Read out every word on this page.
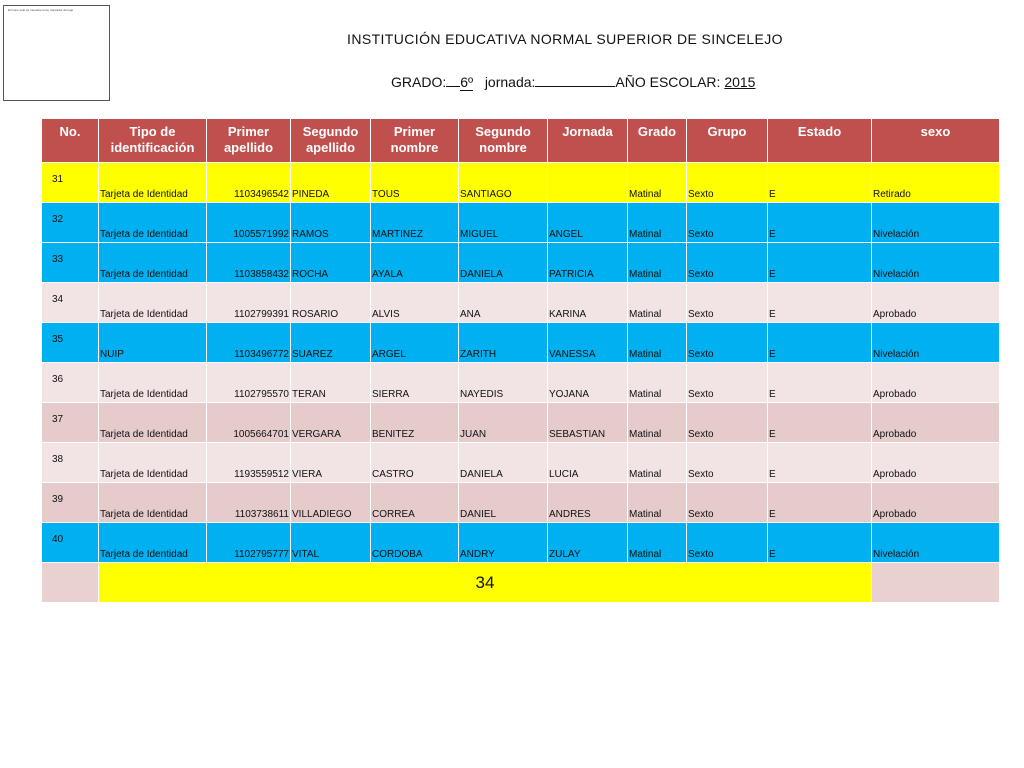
El ícono solo se muestra como marcador de logo
INSTITUCIÓN EDUCATIVA NORMAL SUPERIOR DE SINCELEJO
GRADO: 6º jornada:	AÑO ESCOLAR: 2015
No.	Tipo de identificación	Primer apellido	Segundo apellido	Primer nombre	Segundo nombre	Jornada	Grado	Grupo	Estado	sexo
31	Tarjeta de Identidad	1103496542	PINEDA	TOUS	SANTIAGO		Matinal	Sexto	E	Retirado
32	Tarjeta de Identidad	1005571992	RAMOS	MARTINEZ	MIGUEL	ANGEL	Matinal	Sexto	E	Nivelación
33	Tarjeta de Identidad	1103858432	ROCHA	AYALA	DANIELA	PATRICIA	Matinal	Sexto	E	Nivelación
34	Tarjeta de Identidad	1102799391	ROSARIO	ALVIS	ANA	KARINA	Matinal	Sexto	E	Aprobado
35	NUIP	1103496772	SUAREZ	ARGEL	ZARITH	VANESSA	Matinal	Sexto	E	Nivelación
36	Tarjeta de Identidad	1102795570	TERAN	SIERRA	NAYEDIS	YOJANA	Matinal	Sexto	E	Aprobado
37	Tarjeta de Identidad	1005664701	VERGARA	BENITEZ	JUAN	SEBASTIAN	Matinal	Sexto	E	Aprobado
38	Tarjeta de Identidad	1193559512	VIERA	CASTRO	DANIELA	LUCIA	Matinal	Sexto	E	Aprobado
39	Tarjeta de Identidad	1103738611	VILLADIEGO	CORREA	DANIEL	ANDRES	Matinal	Sexto	E	Aprobado
40	Tarjeta de Identidad	1102795777	VITAL	CORDOBA	ANDRY	ZULAY	Matinal	Sexto	E	Nivelación
	34									
